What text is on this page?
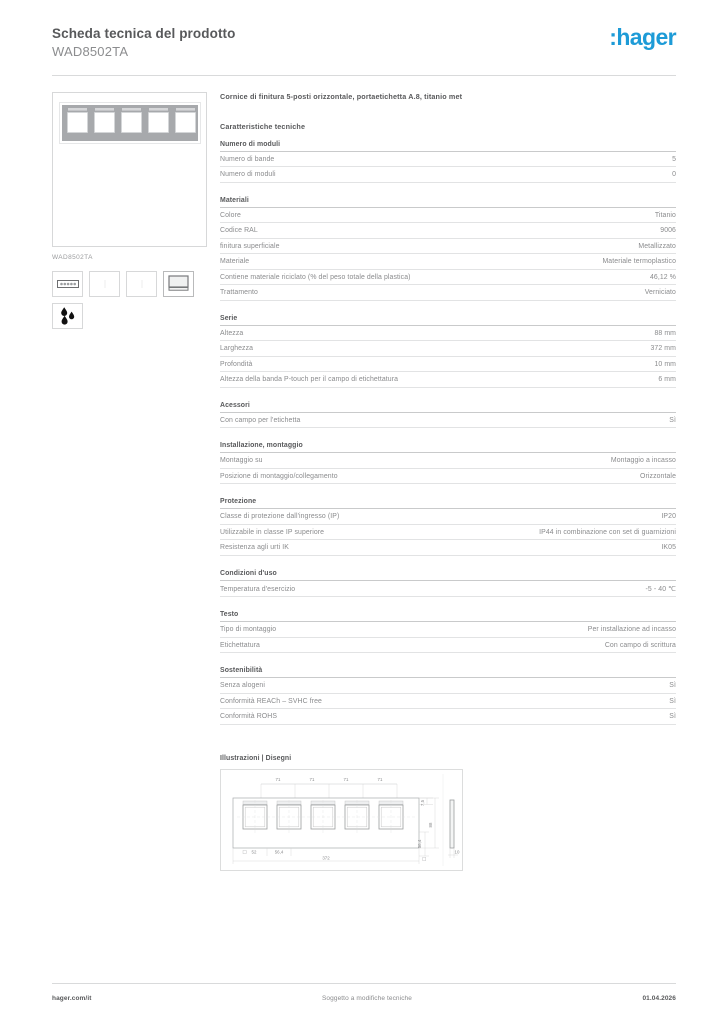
Scheda tecnica del prodotto
WAD8502TA
:hager
WAD8502TA
Cornice di finitura 5-posti orizzontale, portaetichetta A.8, titanio met
Caratteristiche tecniche
Numero di moduli
Numero di bande	5
Numero di moduli	0
Materiali
Colore	Titanio
Codice RAL	9006
finitura superficiale	Metallizzato
Materiale	Materiale termoplastico
Contiene materiale riciclato (% del peso totale della plastica)	46,12 %
Trattamento	Verniciato
Serie
Altezza	88 mm
Larghezza	372 mm
Profondità	10 mm
Altezza della banda P-touch per il campo di etichettatura	6 mm
Acessori
Con campo per l'etichetta	Sì
Installazione, montaggio
Montaggio su	Montaggio a incasso
Posizione di montaggio/collegamento	Orizzontale
Protezione
Classe di protezione dall'ingresso (IP)	IP20
Utilizzabile in classe IP superiore	IP44 in combinazione con set di guarnizioni
Resistenza agli urti IK	IK05
Condizioni d'uso
Temperatura d'esercizio	-5 - 40 ℃
Testo
Tipo di montaggio	Per installazione ad incasso
Etichettatura	Con campo di scrittura
Sostenibilità
Senza alogeni	Sì
Conformità REACh – SVHC free	Sì
Conformità ROHS	Sì
Illustrazioni | Disegni
71	71	71	71
7,5
88
56,4
52	56,4
372
10
hager.com/it	Soggetto a modifiche tecniche	01.04.2026
